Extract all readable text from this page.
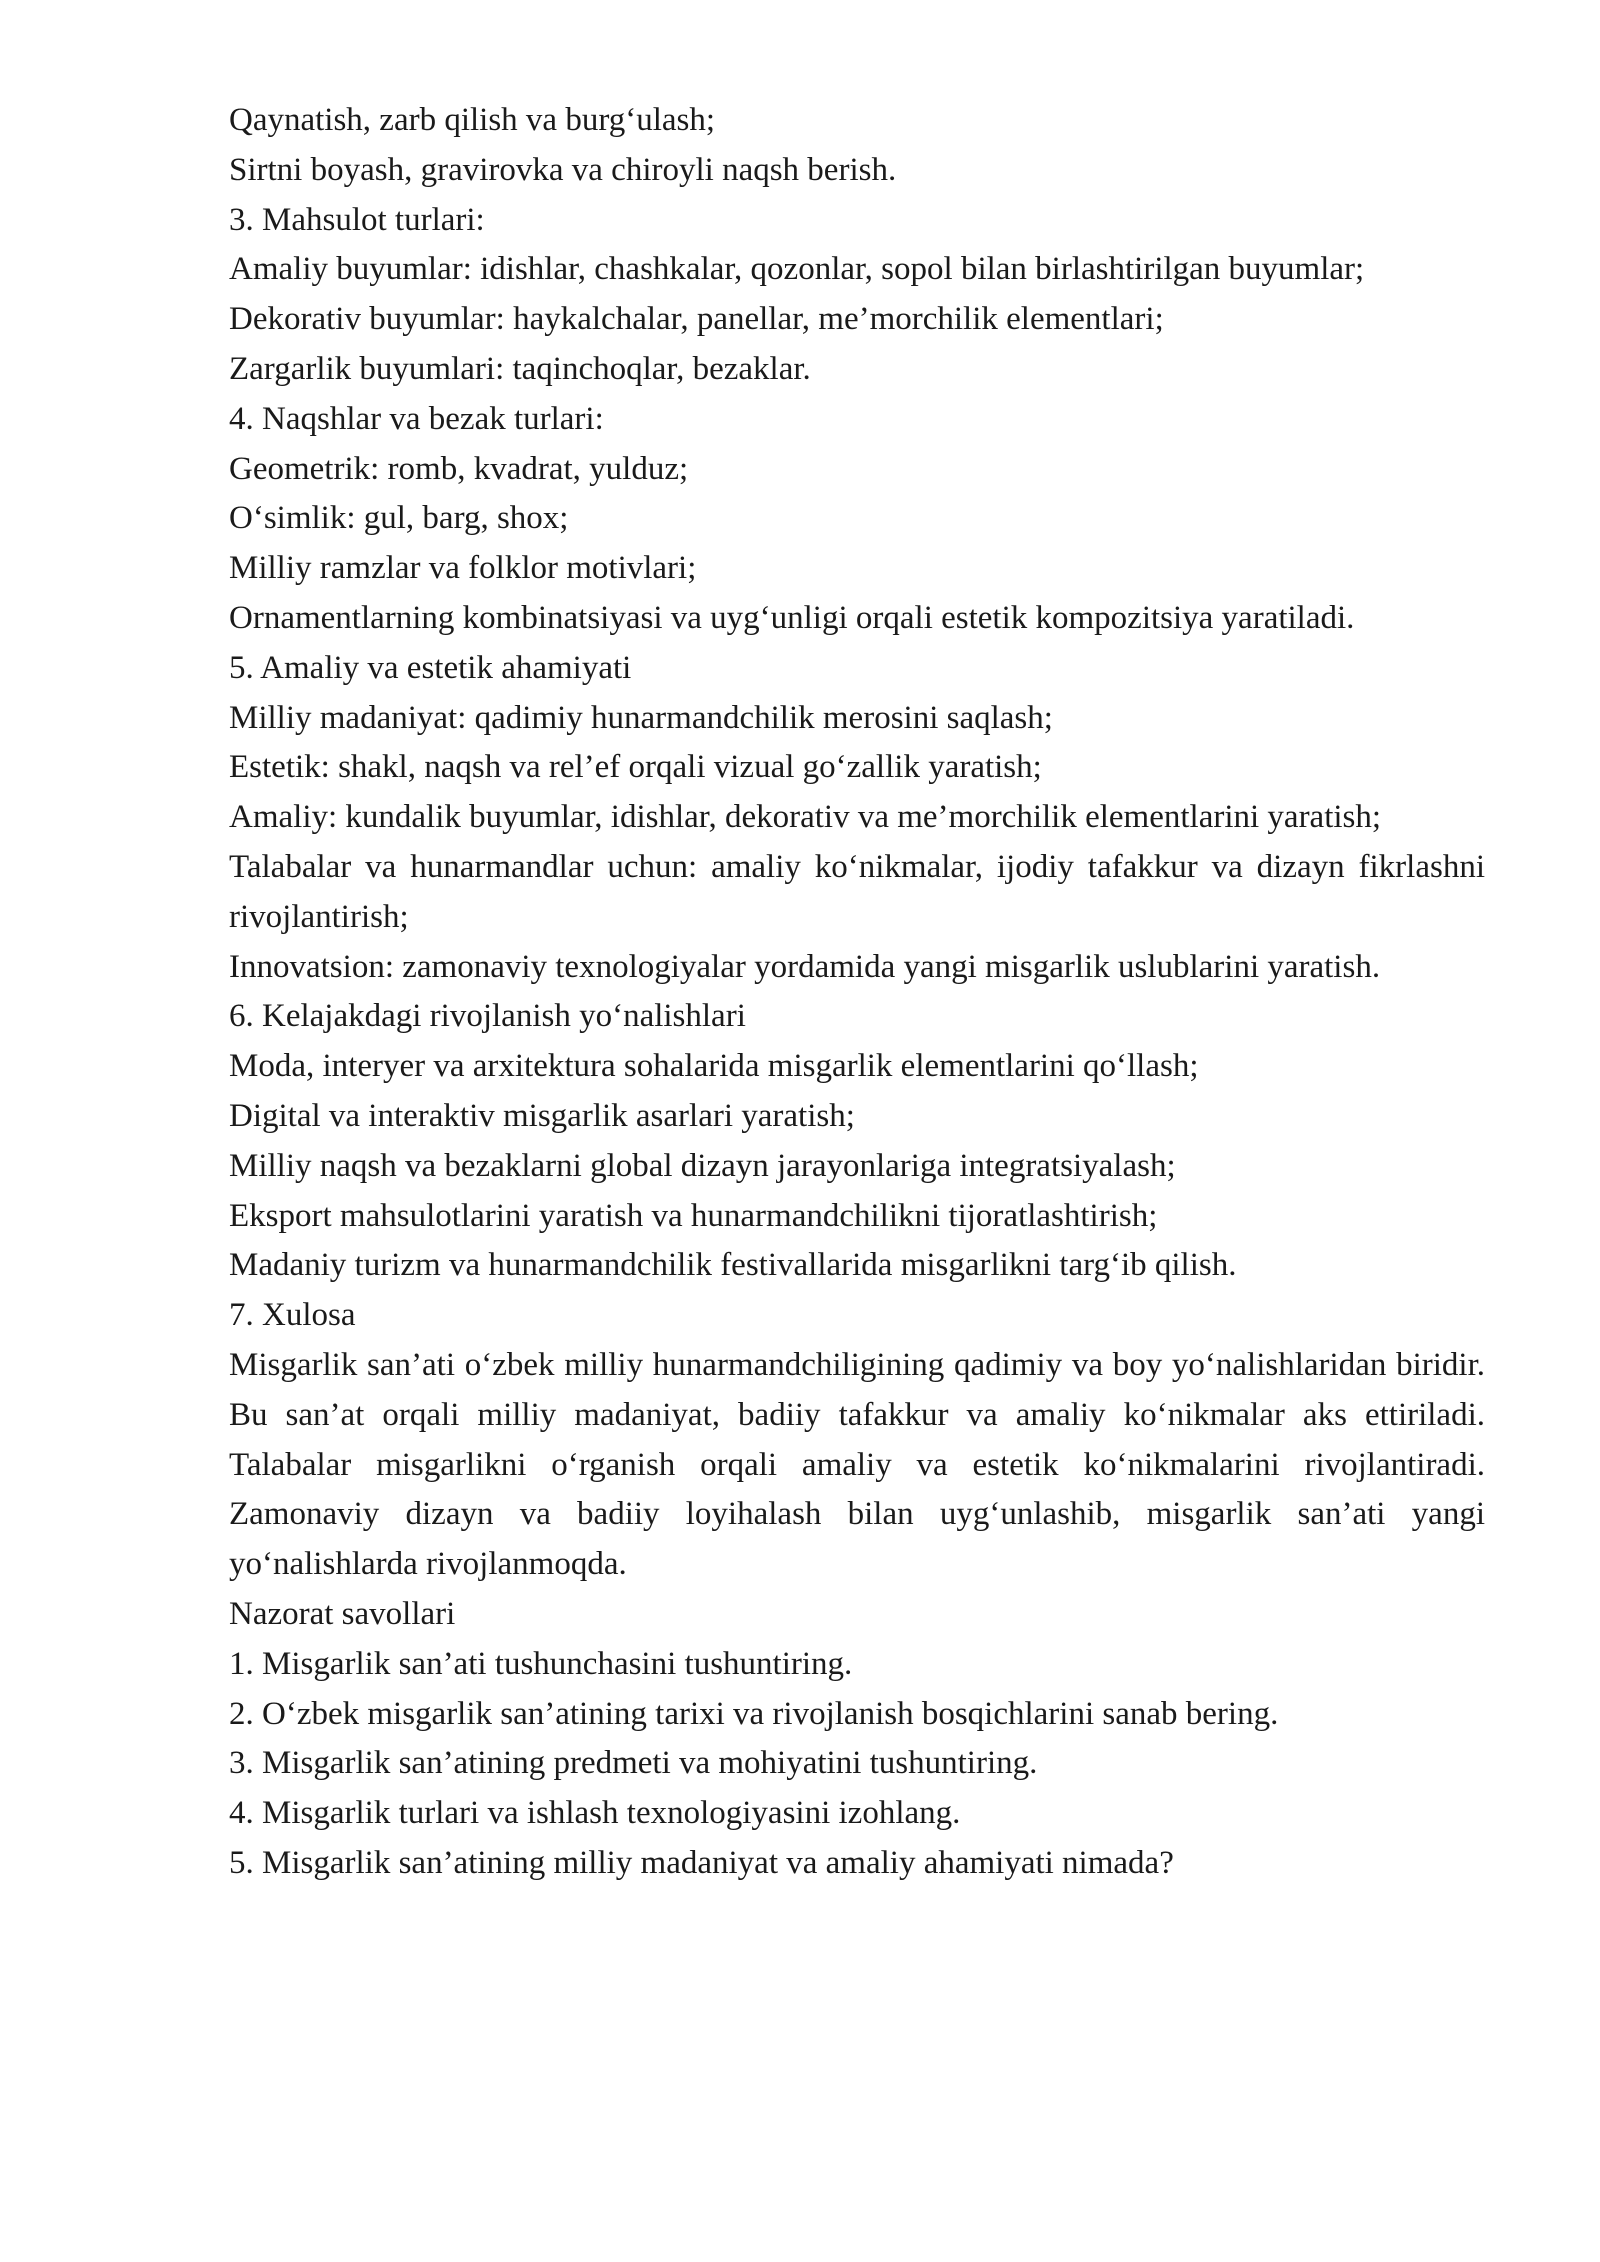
Qaynatish, zarb qilish va burg‘ulash;

Sirtni boyash, gravirovka va chiroyli naqsh berish.

3. Mahsulot turlari:

Amaliy buyumlar: idishlar, chashkalar, qozonlar, sopol bilan birlashtirilgan buyumlar;

Dekorativ buyumlar: haykalchalar, panellar, me’morchilik elementlari;

Zargarlik buyumlari: taqinchoqlar, bezaklar.

4. Naqshlar va bezak turlari:

Geometrik: romb, kvadrat, yulduz;

O‘simlik: gul, barg, shox;

Milliy ramzlar va folklor motivlari;

Ornamentlarning kombinatsiyasi va uyg‘unligi orqali estetik kompozitsiya yaratiladi.

5. Amaliy va estetik ahamiyati

Milliy madaniyat: qadimiy hunarmandchilik merosini saqlash;

Estetik: shakl, naqsh va rel’ef orqali vizual go‘zallik yaratish;

Amaliy: kundalik buyumlar, idishlar, dekorativ va me’morchilik elementlarini yaratish;

Talabalar va hunarmandlar uchun: amaliy ko‘nikmalar, ijodiy tafakkur va dizayn fikrlashni rivojlantirish;

Innovatsion: zamonaviy texnologiyalar yordamida yangi misgarlik uslublarini yaratish.

6. Kelajakdagi rivojlanish yo‘nalishlari

Moda, interyer va arxitektura sohalarida misgarlik elementlarini qo‘llash;

Digital va interaktiv misgarlik asarlari yaratish;

Milliy naqsh va bezaklarni global dizayn jarayonlariga integratsiyalash;

Eksport mahsulotlarini yaratish va hunarmandchilikni tijoratlashtirish;

Madaniy turizm va hunarmandchilik festivallarida misgarlikni targ‘ib qilish.

7. Xulosa

Misgarlik san’ati o‘zbek milliy hunarmandchiligining qadimiy va boy yo‘nalishlaridan biridir. Bu san’at orqali milliy madaniyat, badiiy tafakkur va amaliy ko‘nikmalar aks ettiriladi. Talabalar misgarlikni o‘rganish orqali amaliy va estetik ko‘nikmalarini rivojlantiradi. Zamonaviy dizayn va badiiy loyihalash bilan uyg‘unlashib, misgarlik san’ati yangi yo‘nalishlarda rivojlanmoqda.

Nazorat savollari

1. Misgarlik san’ati tushunchasini tushuntiring.

2. O‘zbek misgarlik san’atining tarixi va rivojlanish bosqichlarini sanab bering.

3. Misgarlik san’atining predmeti va mohiyatini tushuntiring.

4. Misgarlik turlari va ishlash texnologiyasini izohlang.

5. Misgarlik san’atining milliy madaniyat va amaliy ahamiyati nimada?
